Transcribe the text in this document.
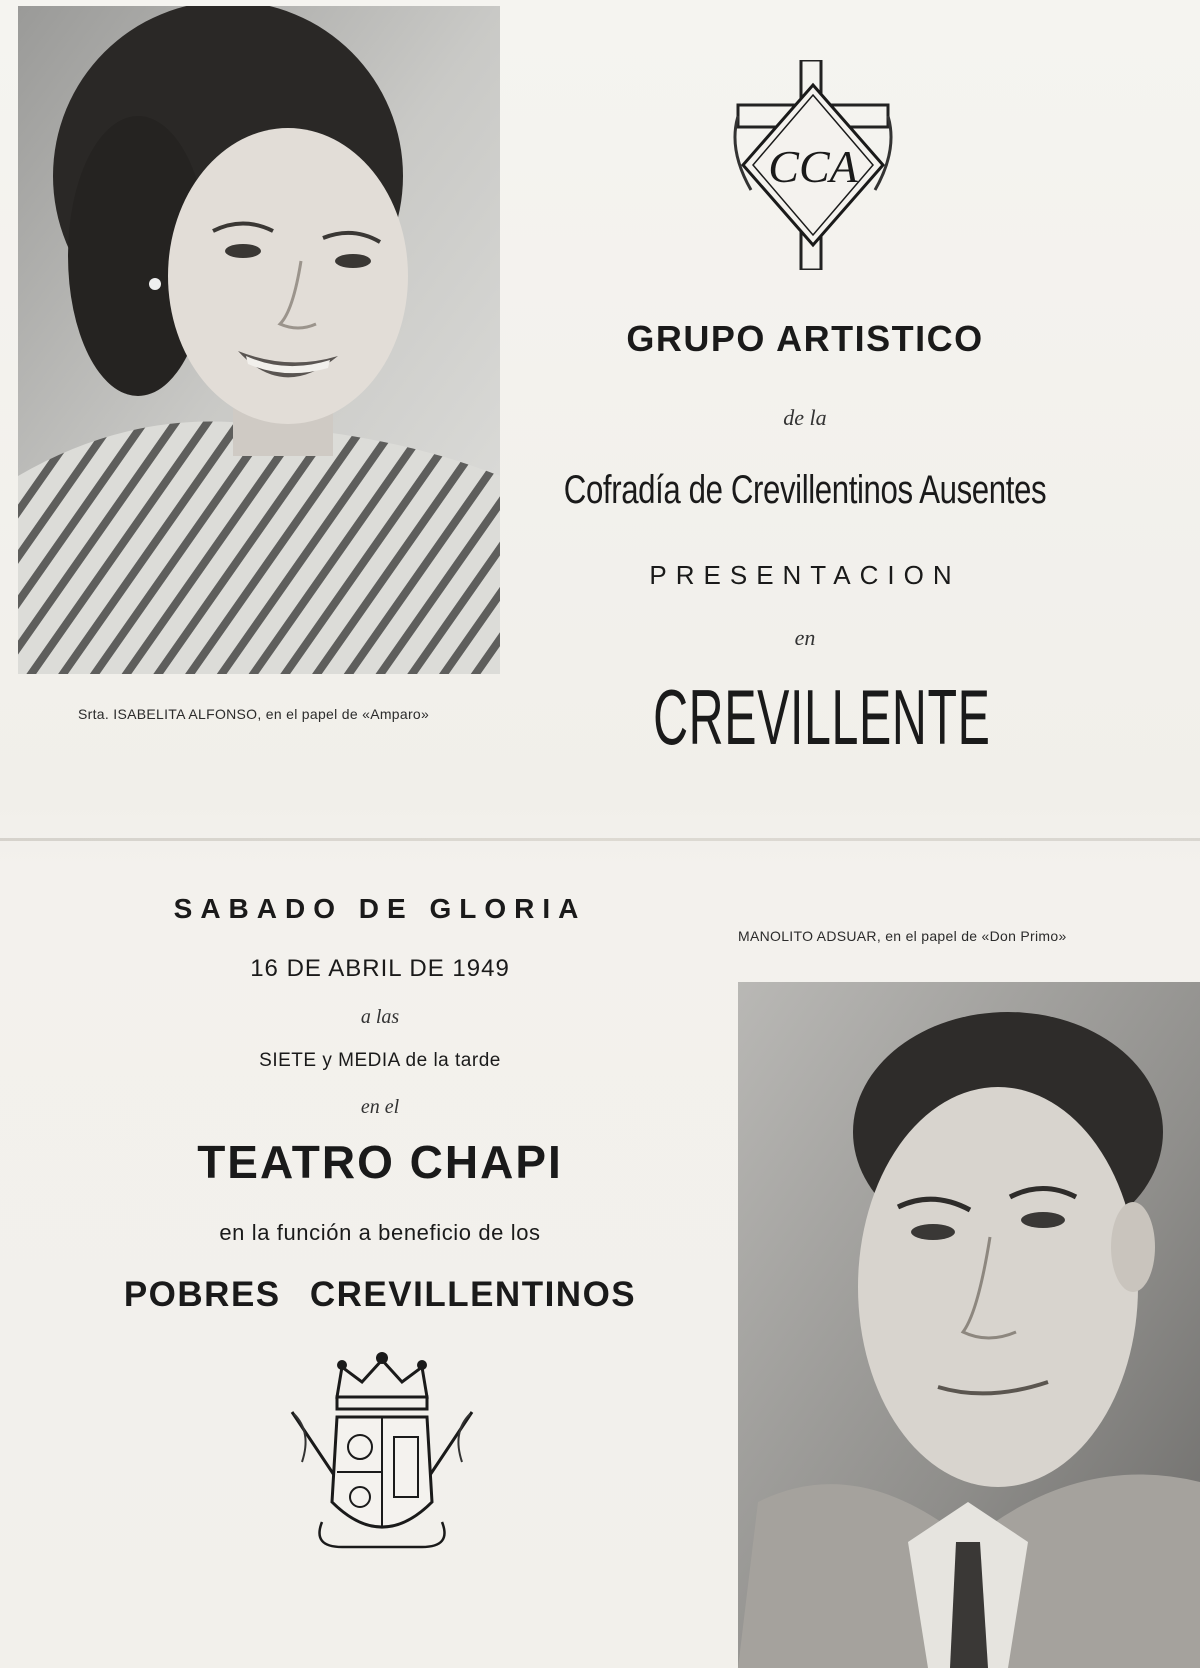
Srta. ISABELITA ALFONSO, en el papel de «Amparo»
CCA
GRUPO ARTISTICO
de la
Cofradía de Crevillentinos Ausentes
PRESENTACION
en
CREVILLENTE
SABADO DE GLORIA
16 DE ABRIL DE 1949
a las
SIETE y MEDIA de la tarde
en el
TEATRO CHAPI
en la función a beneficio de los
POBRES CREVILLENTINOS
MANOLITO ADSUAR, en el papel de «Don Primo»
